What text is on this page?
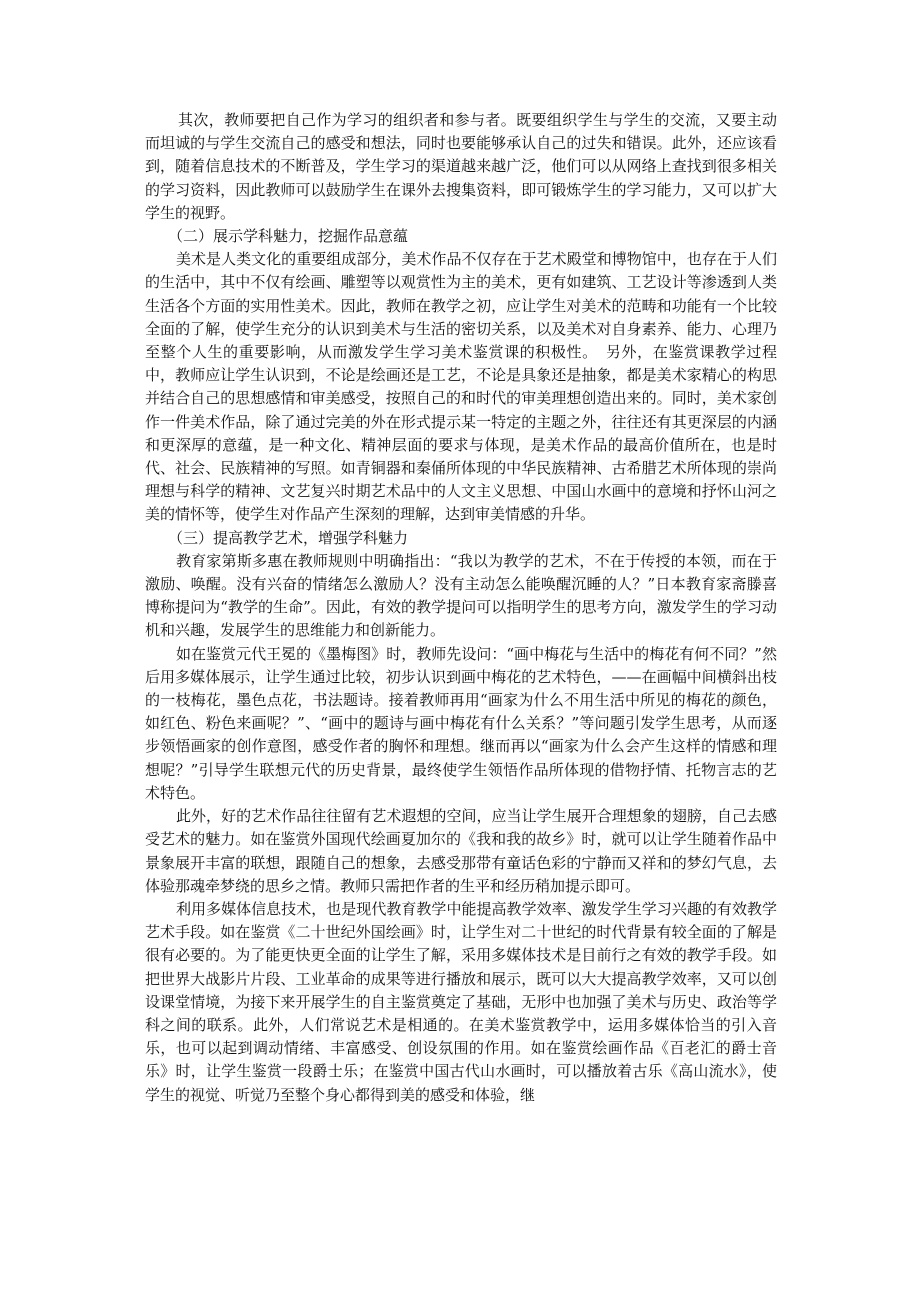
其次，教师要把自己作为学习的组织者和参与者。既要组织学生与学生的交流，又要主动而坦诚的与学生交流自己的感受和想法，同时也要能够承认自己的过失和错误。此外，还应该看到，随着信息技术的不断普及，学生学习的渠道越来越广泛，他们可以从网络上查找到很多相关的学习资料，因此教师可以鼓励学生在课外去搜集资料，即可锻炼学生的学习能力，又可以扩大学生的视野。

（二）展示学科魅力，挖掘作品意蕴

美术是人类文化的重要组成部分，美术作品不仅存在于艺术殿堂和博物馆中，也存在于人们的生活中，其中不仅有绘画、雕塑等以观赏性为主的美术，更有如建筑、工艺设计等渗透到人类生活各个方面的实用性美术。因此，教师在教学之初，应让学生对美术的范畴和功能有一个比较全面的了解，使学生充分的认识到美术与生活的密切关系，以及美术对自身素养、能力、心理乃至整个人生的重要影响，从而激发学生学习美术鉴赏课的积极性。　另外，在鉴赏课教学过程中，教师应让学生认识到，不论是绘画还是工艺，不论是具象还是抽象，都是美术家精心的构思并结合自己的思想感情和审美感受，按照自己的和时代的审美理想创造出来的。同时，美术家创作一件美术作品，除了通过完美的外在形式提示某一特定的主题之外，往往还有其更深层的内涵和更深厚的意蕴，是一种文化、精神层面的要求与体现，是美术作品的最高价值所在，也是时代、社会、民族精神的写照。如青铜器和秦俑所体现的中华民族精神、古希腊艺术所体现的崇尚理想与科学的精神、文艺复兴时期艺术品中的人文主义思想、中国山水画中的意境和抒怀山河之美的情怀等，使学生对作品产生深刻的理解，达到审美情感的升华。

（三）提高教学艺术，增强学科魅力

教育家第斯多惠在教师规则中明确指出：“我以为教学的艺术，不在于传授的本领，而在于激励、唤醒。没有兴奋的情绪怎么激励人？没有主动怎么能唤醒沉睡的人？”日本教育家斋滕喜博称提问为“教学的生命”。因此，有效的教学提问可以指明学生的思考方向，激发学生的学习动机和兴趣，发展学生的思维能力和创新能力。

如在鉴赏元代王冕的《墨梅图》时，教师先设问：“画中梅花与生活中的梅花有何不同？”然后用多媒体展示，让学生通过比较，初步认识到画中梅花的艺术特色，——在画幅中间横斜出枝的一枝梅花，墨色点花，书法题诗。接着教师再用“画家为什么不用生活中所见的梅花的颜色，如红色、粉色来画呢？”、“画中的题诗与画中梅花有什么关系？”等问题引发学生思考，从而逐步领悟画家的创作意图，感受作者的胸怀和理想。继而再以“画家为什么会产生这样的情感和理想呢？”引导学生联想元代的历史背景，最终使学生领悟作品所体现的借物抒情、托物言志的艺术特色。

此外，好的艺术作品往往留有艺术遐想的空间，应当让学生展开合理想象的翅膀，自己去感受艺术的魅力。如在鉴赏外国现代绘画夏加尔的《我和我的故乡》时，就可以让学生随着作品中景象展开丰富的联想，跟随自己的想象，去感受那带有童话色彩的宁静而又祥和的梦幻气息，去体验那魂牵梦绕的思乡之情。教师只需把作者的生平和经历稍加提示即可。

利用多媒体信息技术，也是现代教育教学中能提高教学效率、激发学生学习兴趣的有效教学艺术手段。如在鉴赏《二十世纪外国绘画》时，让学生对二十世纪的时代背景有较全面的了解是很有必要的。为了能更快更全面的让学生了解，采用多媒体技术是目前行之有效的教学手段。如把世界大战影片片段、工业革命的成果等进行播放和展示，既可以大大提高教学效率，又可以创设课堂情境，为接下来开展学生的自主鉴赏奠定了基础，无形中也加强了美术与历史、政治等学科之间的联系。此外，人们常说艺术是相通的。在美术鉴赏教学中，运用多媒体恰当的引入音乐，也可以起到调动情绪、丰富感受、创设氛围的作用。如在鉴赏绘画作品《百老汇的爵士音乐》时，让学生鉴赏一段爵士乐；在鉴赏中国古代山水画时，可以播放着古乐《高山流水》，使学生的视觉、听觉乃至整个身心都得到美的感受和体验，继
